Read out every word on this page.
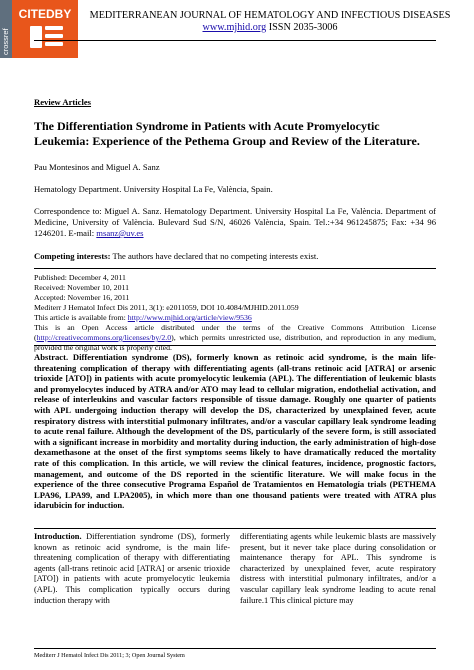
crossref
CITEDBY	MEDITERRANEAN JOURNAL OF HEMATOLOGY AND INFECTIOUS DISEASES
www.mjhid.org ISSN 2035-3006
Review Articles
The Differentiation Syndrome in Patients with Acute Promyelocytic Leukemia: Experience of the Pethema Group and Review of the Literature.
Pau Montesinos and Miguel A. Sanz
Hematology Department. University Hospital La Fe, València, Spain.
Correspondence to: Miguel A. Sanz. Hematology Department. University Hospital La Fe, València. Department of Medicine, University of València. Bulevard Sud S/N, 46026 València, Spain. Tel.:+34 961245875; Fax: +34 96 1246201. E-mail: msanz@uv.es
Competing interests: The authors have declared that no competing interests exist.
Published: December 4, 2011
Received: November 10, 2011
Accepted: November 16, 2011
Mediterr J Hematol Infect Dis 2011, 3(1): e2011059, DOI 10.4084/MJHID.2011.059
This article is available from: http://www.mjhid.org/article/view/9536
This is an Open Access article distributed under the terms of the Creative Commons Attribution License (http://creativecommons.org/licenses/by/2.0), which permits unrestricted use, distribution, and reproduction in any medium, provided the original work is properly cited.
Abstract. Differentiation syndrome (DS), formerly known as retinoic acid syndrome, is the main life-threatening complication of therapy with differentiating agents (all-trans retinoic acid [ATRA] or arsenic trioxide [ATO]) in patients with acute promyelocytic leukemia (APL). The differentiation of leukemic blasts and promyelocytes induced by ATRA and/or ATO may lead to cellular migration, endothelial activation, and release of interleukins and vascular factors responsible of tissue damage. Roughly one quarter of patients with APL undergoing induction therapy will develop the DS, characterized by unexplained fever, acute respiratory distress with interstitial pulmonary infiltrates, and/or a vascular capillary leak syndrome leading to acute renal failure. Although the development of the DS, particularly of the severe form, is still associated with a significant increase in morbidity and mortality during induction, the early administration of high-dose dexamethasone at the onset of the first symptoms seems likely to have dramatically reduced the mortality rate of this complication. In this article, we will review the clinical features, incidence, prognostic factors, management, and outcome of the DS reported in the scientific literature. We will make focus in the experience of the three consecutive Programa Español de Tratamientos en Hematología trials (PETHEMA LPA96, LPA99, and LPA2005), in which more than one thousand patients were treated with ATRA plus idarubicin for induction.
Introduction. Differentiation syndrome (DS), formerly known as retinoic acid syndrome, is the main life-threatening complication of therapy with differentiating agents (all-trans retinoic acid [ATRA] or arsenic trioxide [ATO]) in patients with acute promyelocytic leukemia (APL). This complication typically occurs during induction therapy with
differentiating agents while leukemic blasts are massively present, but it never take place during consolidation or maintenance therapy for APL. This syndrome is characterized by unexplained fever, acute respiratory distress with interstitial pulmonary infiltrates, and/or a vascular capillary leak syndrome leading to acute renal failure.1 This clinical picture may
Mediterr J Hematol Infect Dis 2011; 3; Open Journal System
